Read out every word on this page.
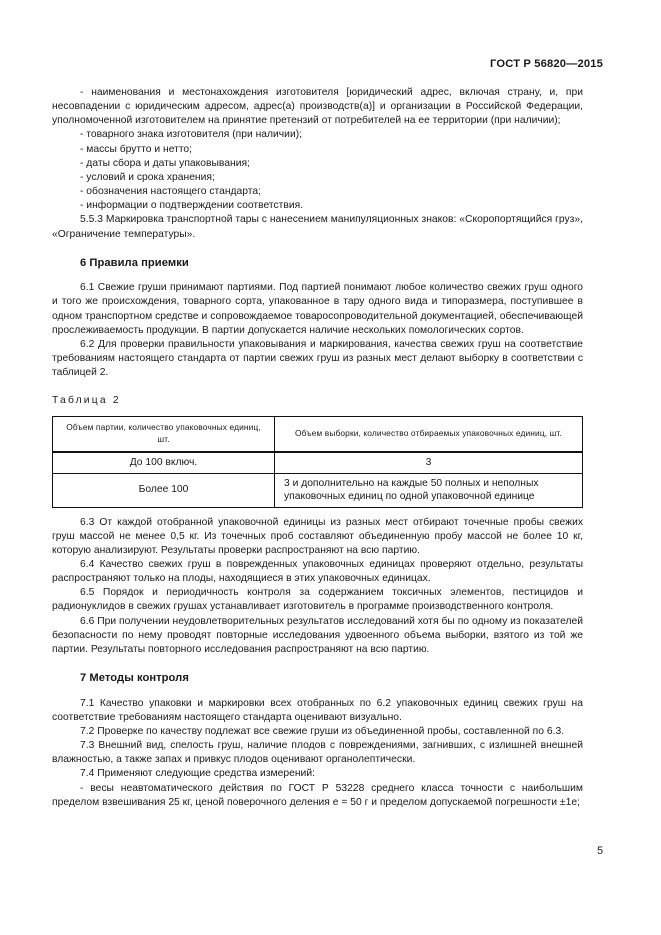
ГОСТ Р 56820—2015

- наименования и местонахождения изготовителя [юридический адрес, включая страну, и, при несовпадении с юридическим адресом, адрес(а) производств(а)] и организации в Российской Федерации, уполномоченной изготовителем на принятие претензий от потребителей на ее территории (при наличии);

- товарного знака изготовителя (при наличии);

- массы брутто и нетто;

- даты сбора и даты упаковывания;

- условий и срока хранения;

- обозначения настоящего стандарта;

- информации о подтверждении соответствия.

5.5.3 Маркировка транспортной тары с нанесением манипуляционных знаков: «Скоропортящийся груз», «Ограничение температуры».

6 Правила приемки

6.1 Свежие груши принимают партиями. Под партией понимают любое количество свежих груш одного и того же происхождения, товарного сорта, упакованное в тару одного вида и типоразмера, поступившее в одном транспортном средстве и сопровождаемое товаросопроводительной документацией, обеспечивающей прослеживаемость продукции. В партии допускается наличие нескольких помологических сортов.

6.2 Для проверки правильности упаковывания и маркирования, качества свежих груш на соответствие требованиям настоящего стандарта от партии свежих груш из разных мест делают выборку в соответствии с таблицей 2.

Таблица 2

Объем партии, количество упаковочных единиц, шт.	Объем выборки, количество отбираемых упаковочных единиц, шт.
До 100 включ.	3
Более 100	3 и дополнительно на каждые 50 полных и неполных упаковочных единиц по одной упаковочной единице

6.3 От каждой отобранной упаковочной единицы из разных мест отбирают точечные пробы свежих груш массой не менее 0,5 кг. Из точечных проб составляют объединенную пробу массой не более 10 кг, которую анализируют. Результаты проверки распространяют на всю партию.

6.4 Качество свежих груш в поврежденных упаковочных единицах проверяют отдельно, результаты распространяют только на плоды, находящиеся в этих упаковочных единицах.

6.5 Порядок и периодичность контроля за содержанием токсичных элементов, пестицидов и радионуклидов в свежих грушах устанавливает изготовитель в программе производственного контроля.

6.6 При получении неудовлетворительных результатов исследований хотя бы по одному из показателей безопасности по нему проводят повторные исследования удвоенного объема выборки, взятого из той же партии. Результаты повторного исследования распространяют на всю партию.

7 Методы контроля

7.1 Качество упаковки и маркировки всех отобранных по 6.2 упаковочных единиц свежих груш на соответствие требованиям настоящего стандарта оценивают визуально.

7.2 Проверке по качеству подлежат все свежие груши из объединенной пробы, составленной по 6.3.

7.3 Внешний вид, спелость груш, наличие плодов с повреждениями, загнивших, с излишней внешней влажностью, а также запах и привкус плодов оценивают органолептически.

7.4 Применяют следующие средства измерений:

- весы неавтоматического действия по ГОСТ Р 53228 среднего класса точности с наибольшим пределом взвешивания 25 кг, ценой поверочного деления e = 50 г и пределом допускаемой погрешности ±1e;

5
